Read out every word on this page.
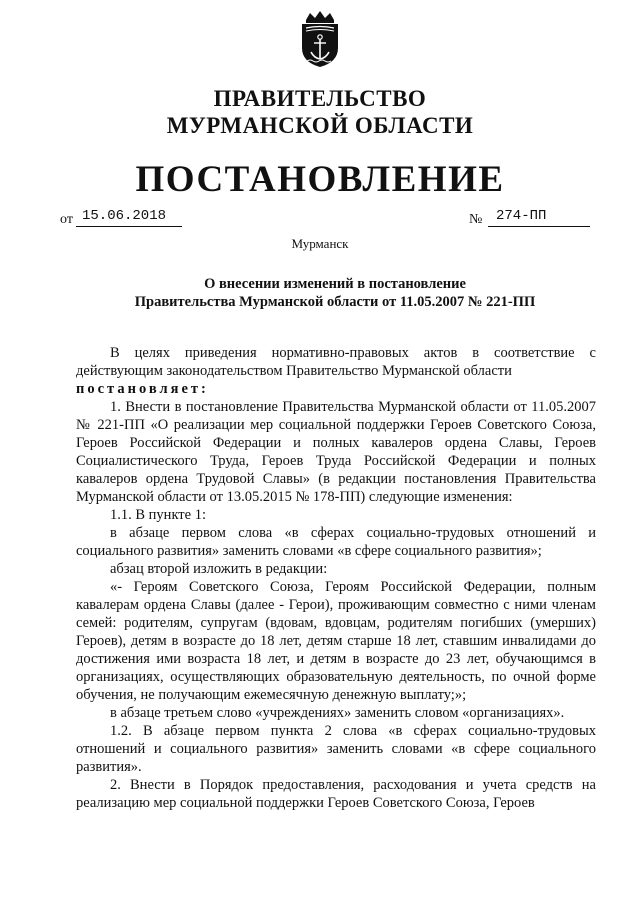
ПРАВИТЕЛЬСТВО
МУРМАНСКОЙ ОБЛАСТИ
ПОСТАНОВЛЕНИЕ
от 15.06.2018	№ 274-ПП
Мурманск
О внесении изменений в постановление
Правительства Мурманской области от 11.05.2007 № 221-ПП

В целях приведения нормативно-правовых актов в соответствие с действующим законодательством Правительство Мурманской области

постановляет:

1. Внести в постановление Правительства Мурманской области от 11.05.2007 № 221-ПП «О реализации мер социальной поддержки Героев Советского Союза, Героев Российской Федерации и полных кавалеров ордена Славы, Героев Социалистического Труда, Героев Труда Российской Федерации и полных кавалеров ордена Трудовой Славы» (в редакции постановления Правительства Мурманской области от 13.05.2015 № 178-ПП) следующие изменения:

1.1. В пункте 1:

в абзаце первом слова «в сферах социально-трудовых отношений и социального развития» заменить словами «в сфере социального развития»;

абзац второй изложить в редакции:

«- Героям Советского Союза, Героям Российской Федерации, полным кавалерам ордена Славы (далее - Герои), проживающим совместно с ними членам семей: родителям, супругам (вдовам, вдовцам, родителям погибших (умерших) Героев), детям в возрасте до 18 лет, детям старше 18 лет, ставшим инвалидами до достижения ими возраста 18 лет, и детям в возрасте до 23 лет, обучающимся в организациях, осуществляющих образовательную деятельность, по очной форме обучения, не получающим ежемесячную денежную выплату;»;

в абзаце третьем слово «учреждениях» заменить словом «организациях».

1.2. В абзаце первом пункта 2 слова «в сферах социально-трудовых отношений и социального развития» заменить словами «в сфере социального развития».

2. Внести в Порядок предоставления, расходования и учета средств на реализацию мер социальной поддержки Героев Советского Союза, Героев
